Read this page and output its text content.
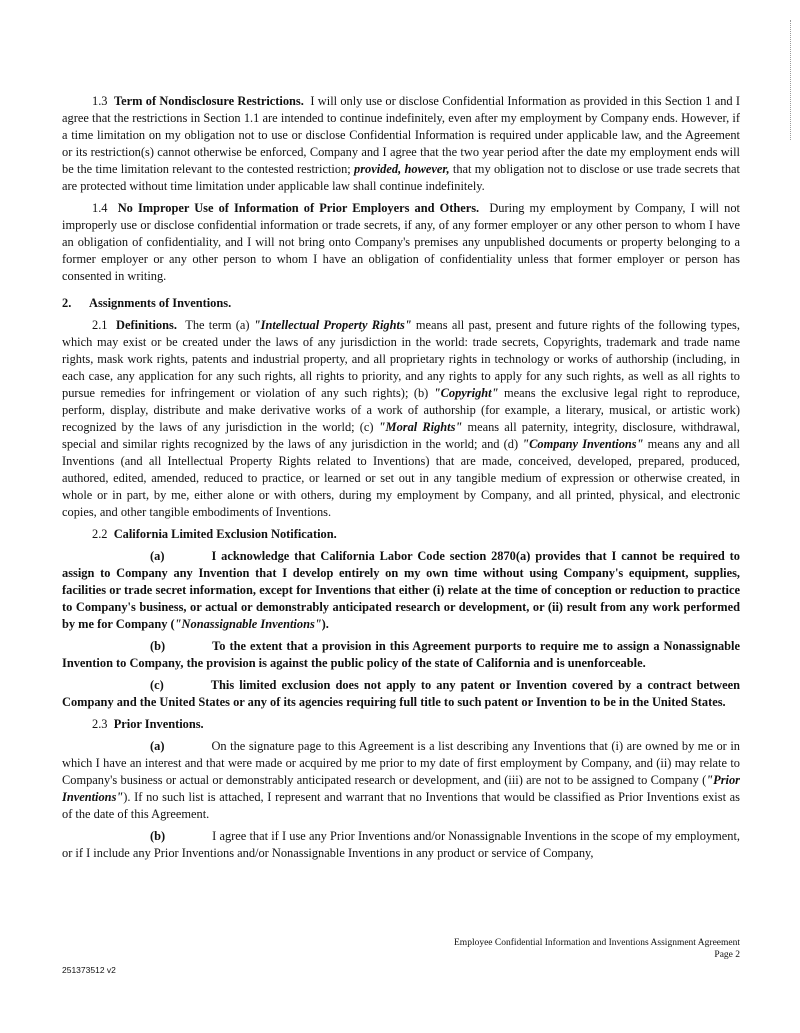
1.3 Term of Nondisclosure Restrictions. I will only use or disclose Confidential Information as provided in this Section 1 and I agree that the restrictions in Section 1.1 are intended to continue indefinitely, even after my employment by Company ends. However, if a time limitation on my obligation not to use or disclose Confidential Information is required under applicable law, and the Agreement or its restriction(s) cannot otherwise be enforced, Company and I agree that the two year period after the date my employment ends will be the time limitation relevant to the contested restriction; provided, however, that my obligation not to disclose or use trade secrets that are protected without time limitation under applicable law shall continue indefinitely.

1.4 No Improper Use of Information of Prior Employers and Others. During my employment by Company, I will not improperly use or disclose confidential information or trade secrets, if any, of any former employer or any other person to whom I have an obligation of confidentiality, and I will not bring onto Company's premises any unpublished documents or property belonging to a former employer or any other person to whom I have an obligation of confidentiality unless that former employer or person has consented in writing.

2. Assignments of Inventions.

2.1 Definitions. The term (a) "Intellectual Property Rights" means all past, present and future rights of the following types, which may exist or be created under the laws of any jurisdiction in the world: trade secrets, Copyrights, trademark and trade name rights, mask work rights, patents and industrial property, and all proprietary rights in technology or works of authorship (including, in each case, any application for any such rights, all rights to priority, and any rights to apply for any such rights, as well as all rights to pursue remedies for infringement or violation of any such rights); (b) "Copyright" means the exclusive legal right to reproduce, perform, display, distribute and make derivative works of a work of authorship (for example, a literary, musical, or artistic work) recognized by the laws of any jurisdiction in the world; (c) "Moral Rights" means all paternity, integrity, disclosure, withdrawal, special and similar rights recognized by the laws of any jurisdiction in the world; and (d) "Company Inventions" means any and all Inventions (and all Intellectual Property Rights related to Inventions) that are made, conceived, developed, prepared, produced, authored, edited, amended, reduced to practice, or learned or set out in any tangible medium of expression or otherwise created, in whole or in part, by me, either alone or with others, during my employment by Company, and all printed, physical, and electronic copies, and other tangible embodiments of Inventions.

2.2 California Limited Exclusion Notification.

(a)	I acknowledge that California Labor Code section 2870(a) provides that I cannot be required to assign to Company any Invention that I develop entirely on my own time without using Company's equipment, supplies, facilities or trade secret information, except for Inventions that either (i) relate at the time of conception or reduction to practice to Company's business, or actual or demonstrably anticipated research or development, or (ii) result from any work performed by me for Company ("Nonassignable Inventions").

(b)	To the extent that a provision in this Agreement purports to require me to assign a Nonassignable Invention to Company, the provision is against the public policy of the state of California and is unenforceable.

(c)	This limited exclusion does not apply to any patent or Invention covered by a contract between Company and the United States or any of its agencies requiring full title to such patent or Invention to be in the United States.

2.3 Prior Inventions.

(a)	On the signature page to this Agreement is a list describing any Inventions that (i) are owned by me or in which I have an interest and that were made or acquired by me prior to my date of first employment by Company, and (ii) may relate to Company's business or actual or demonstrably anticipated research or development, and (iii) are not to be assigned to Company ("Prior Inventions"). If no such list is attached, I represent and warrant that no Inventions that would be classified as Prior Inventions exist as of the date of this Agreement.

(b)	I agree that if I use any Prior Inventions and/or Nonassignable Inventions in the scope of my employment, or if I include any Prior Inventions and/or Nonassignable Inventions in any product or service of Company,

Employee Confidential Information and Inventions Assignment Agreement
Page 2
251373512 v2
